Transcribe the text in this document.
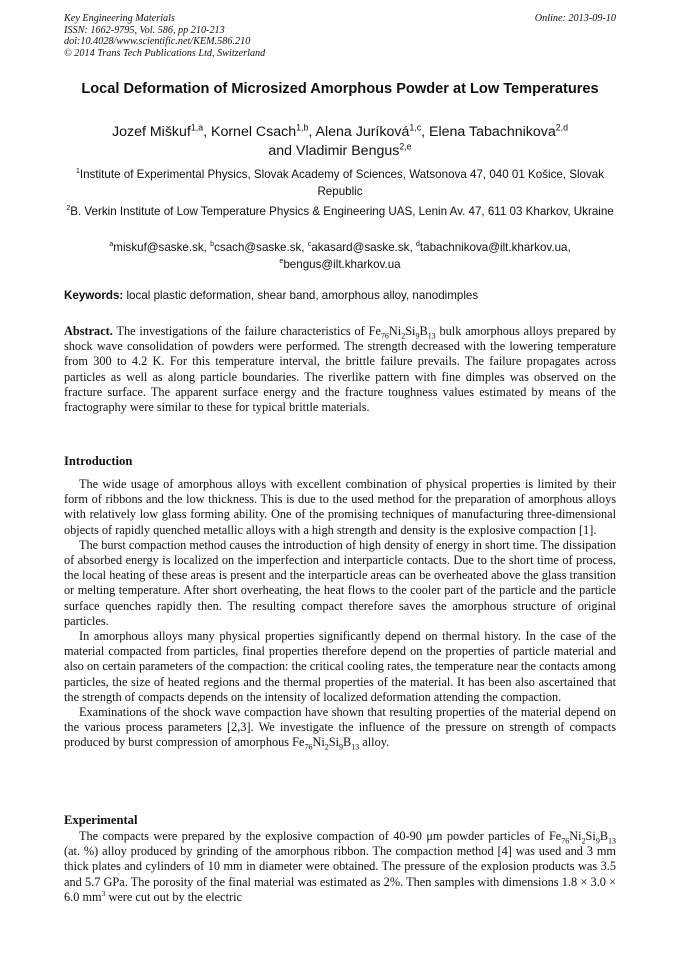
Key Engineering Materials
ISSN: 1662-9795, Vol. 586, pp 210-213
doi:10.4028/www.scientific.net/KEM.586.210
© 2014 Trans Tech Publications Ltd, Switzerland
Online: 2013-09-10
Local Deformation of Microsized Amorphous Powder at Low Temperatures
Jozef Miškuf$^{1,a}$, Kornel Csach$^{1,b}$, Alena Juríková$^{1,c}$, Elena Tabachnikova$^{2,d}$
and Vladimir Bengus$^{2,e}$
$^1$Institute of Experimental Physics, Slovak Academy of Sciences, Watsonova 47, 040 01 Košice, Slovak Republic
$^2$B. Verkin Institute of Low Temperature Physics & Engineering UAS, Lenin Av. 47, 611 03 Kharkov, Ukraine
$^a$miskuf@saske.sk, $^b$csach@saske.sk, $^c$akasard@saske.sk, $^d$tabachnikova@ilt.kharkov.ua,
$^e$bengus@ilt.kharkov.ua
Keywords: local plastic deformation, shear band, amorphous alloy, nanodimples

Abstract. The investigations of the failure characteristics of $Fe_{76}Ni_2Si_9B_{13}$ bulk amorphous alloys prepared by shock wave consolidation of powders were performed. The strength decreased with the lowering temperature from 300 to 4.2 K. For this temperature interval, the brittle failure prevails. The failure propagates across particles as well as along particle boundaries. The riverlike pattern with fine dimples was observed on the fracture surface. The apparent surface energy and the fracture toughness values estimated by means of the fractography were similar to these for typical brittle materials.

Introduction

The wide usage of amorphous alloys with excellent combination of physical properties is limited by their form of ribbons and the low thickness. This is due to the used method for the preparation of amorphous alloys with relatively low glass forming ability. One of the promising techniques of manufacturing three-dimensional objects of rapidly quenched metallic alloys with a high strength and density is the explosive compaction [1].

The burst compaction method causes the introduction of high density of energy in short time. The dissipation of absorbed energy is localized on the imperfection and interparticle contacts. Due to the short time of process, the local heating of these areas is present and the interparticle areas can be overheated above the glass transition or melting temperature. After short overheating, the heat flows to the cooler part of the particle and the particle surface quenches rapidly then. The resulting compact therefore saves the amorphous structure of original particles.

In amorphous alloys many physical properties significantly depend on thermal history. In the case of the material compacted from particles, final properties therefore depend on the properties of particle material and also on certain parameters of the compaction: the critical cooling rates, the temperature near the contacts among particles, the size of heated regions and the thermal properties of the material. It has been also ascertained that the strength of compacts depends on the intensity of localized deformation attending the compaction.

Examinations of the shock wave compaction have shown that resulting properties of the material depend on the various process parameters [2,3]. We investigate the influence of the pressure on strength of compacts produced by burst compression of amorphous $Fe_{76}Ni_2Si_9B_{13}$ alloy.

Experimental

The compacts were prepared by the explosive compaction of 40-90 μm powder particles of $Fe_{76}Ni_2Si_9B_{13}$ (at. %) alloy produced by grinding of the amorphous ribbon. The compaction method [4] was used and 3 mm thick plates and cylinders of 10 mm in diameter were obtained. The pressure of the explosion products was 3.5 and 5.7 GPa. The porosity of the final material was estimated as 2%. Then samples with dimensions 1.8 × 3.0 × 6.0 $mm^3$ were cut out by the electric
